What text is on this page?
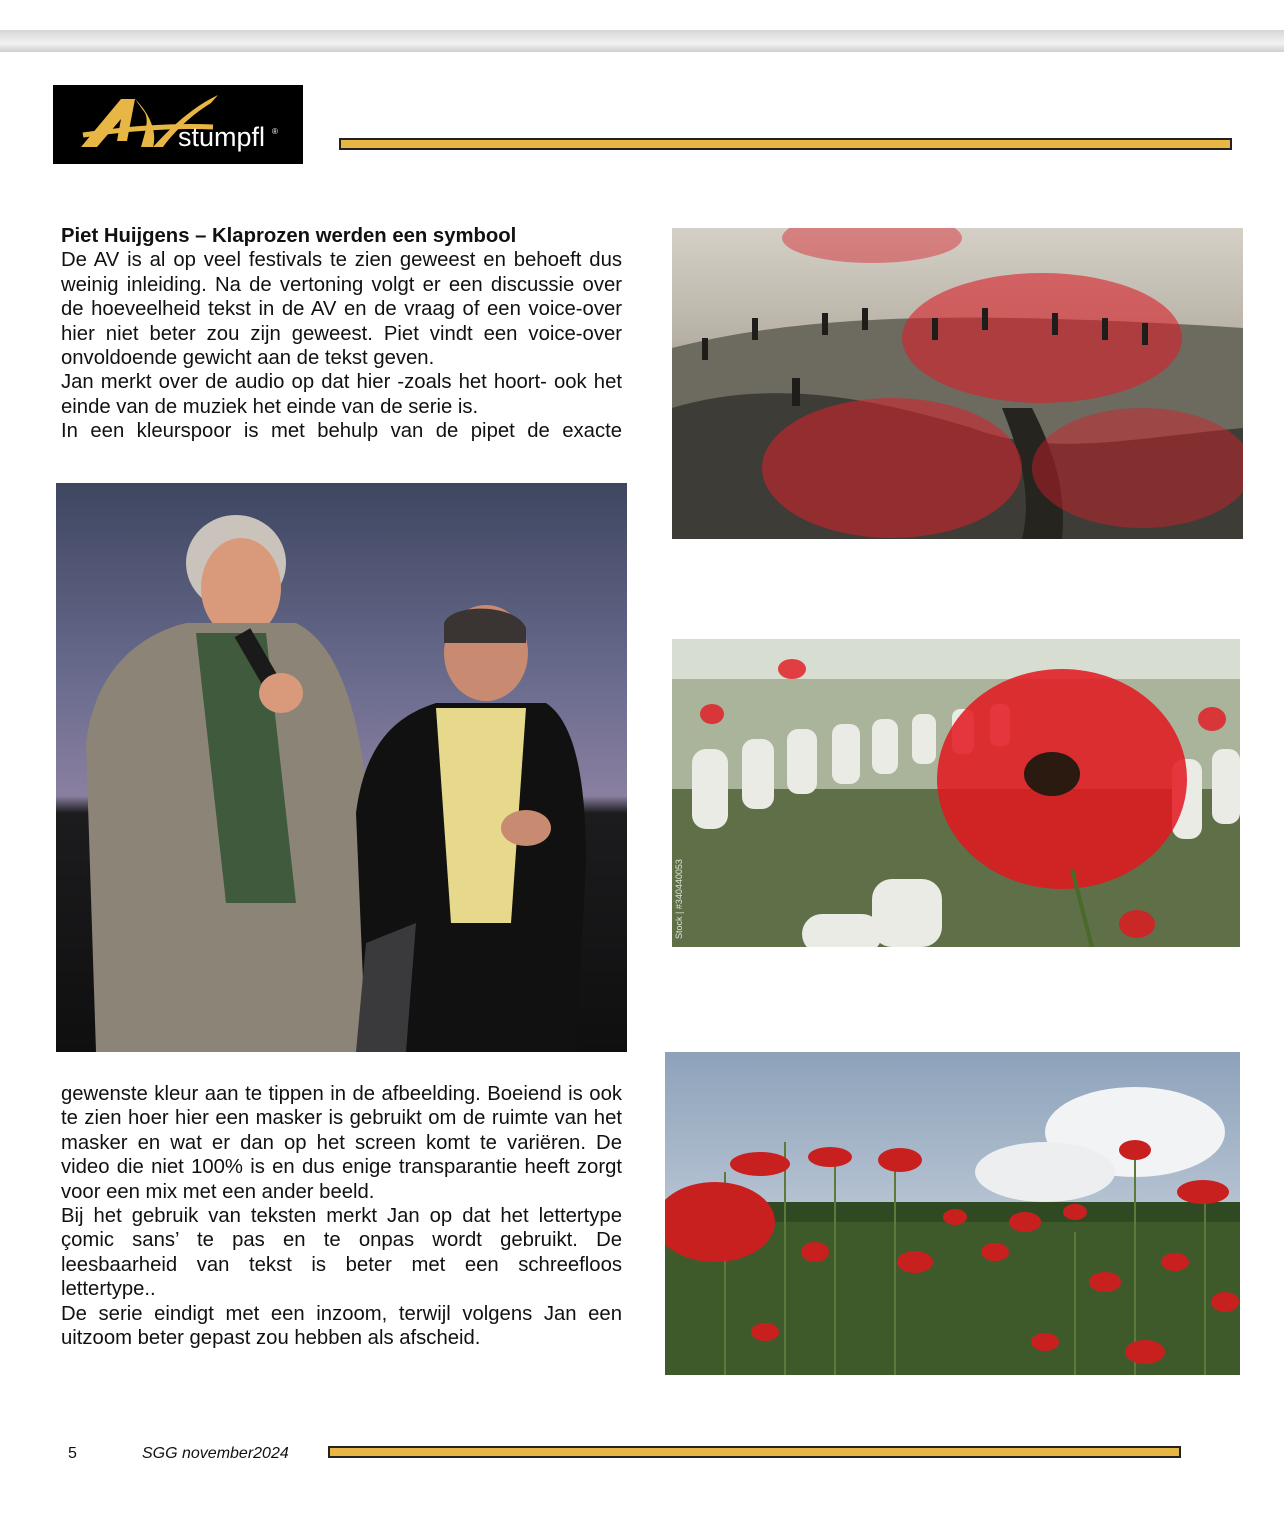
stumpfl ®

Piet Huijgens – Klaprozen werden een symbool

De AV is al op veel festivals te zien geweest en behoeft dus weinig inleiding. Na de vertoning volgt er een discussie over de hoeveelheid tekst in de AV en de vraag of een voice-over hier niet beter zou zijn geweest. Piet vindt een voice-over onvoldoende gewicht aan de tekst geven.

Jan merkt over de audio op dat hier -zoals het hoort- ook het einde van de muziek het einde van de serie is.

In een kleurspoor is met behulp van de pipet de exacte

gewenste kleur aan te tippen in de afbeelding. Boeiend is ook te zien hoer hier een masker is gebruikt om de ruimte van het masker en wat er dan op het screen komt te variëren. De video die niet 100% is en dus enige transparantie heeft zorgt voor een mix met een ander beeld.

Bij het gebruik van teksten merkt Jan op dat het lettertype çomic sans’ te pas en te onpas wordt gebruikt. De leesbaarheid van tekst is beter met een schreefloos lettertype..

De serie eindigt met een inzoom, terwijl volgens Jan een uitzoom beter gepast zou hebben als afscheid.

Stock | #340440053
5	SGG november2024
